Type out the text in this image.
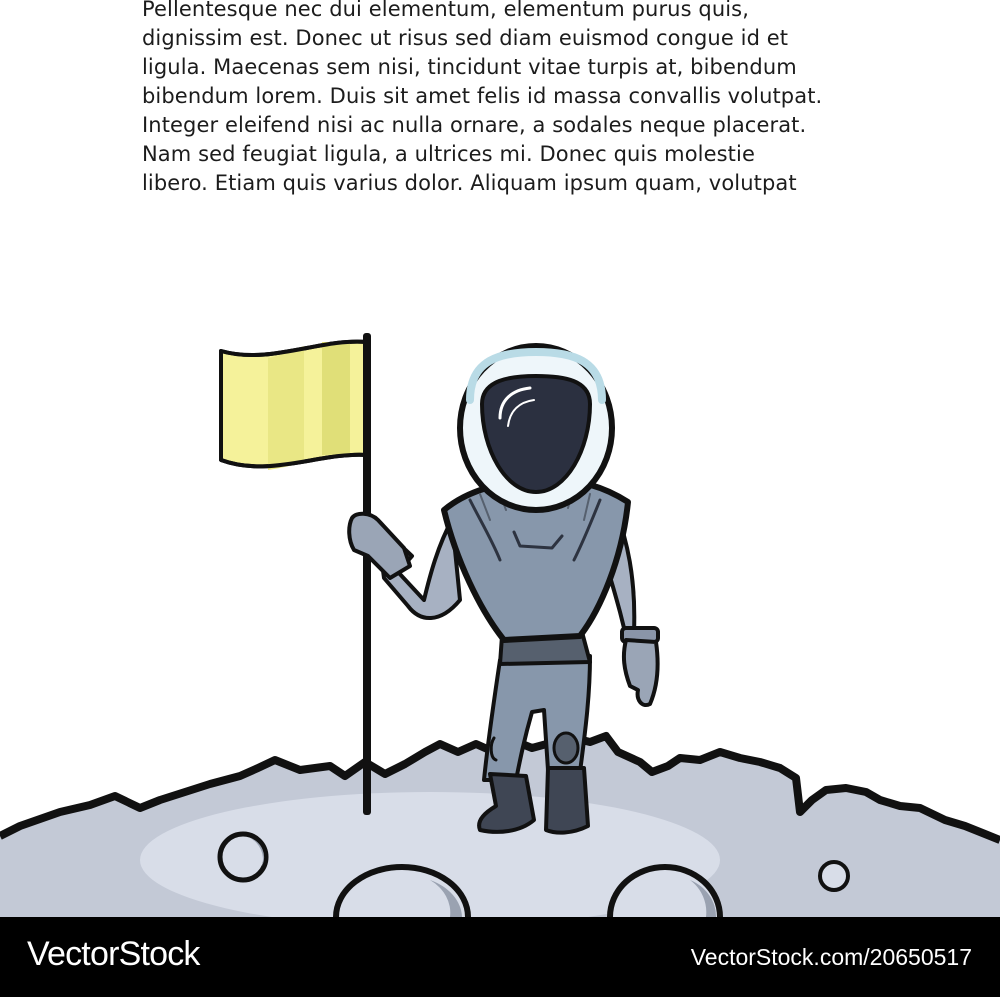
Pellentesque nec dui elementum, elementum purus quis,
dignissim est. Donec ut risus sed diam euismod congue id et
ligula. Maecenas sem nisi, tincidunt vitae turpis at, bibendum
bibendum lorem. Duis sit amet felis id massa convallis volutpat.
Integer eleifend nisi ac nulla ornare, a sodales neque placerat.
Nam sed feugiat ligula, a ultrices mi. Donec quis molestie
libero. Etiam quis varius dolor. Aliquam ipsum quam, volutpat
VectorStock	VectorStock.com/20650517
